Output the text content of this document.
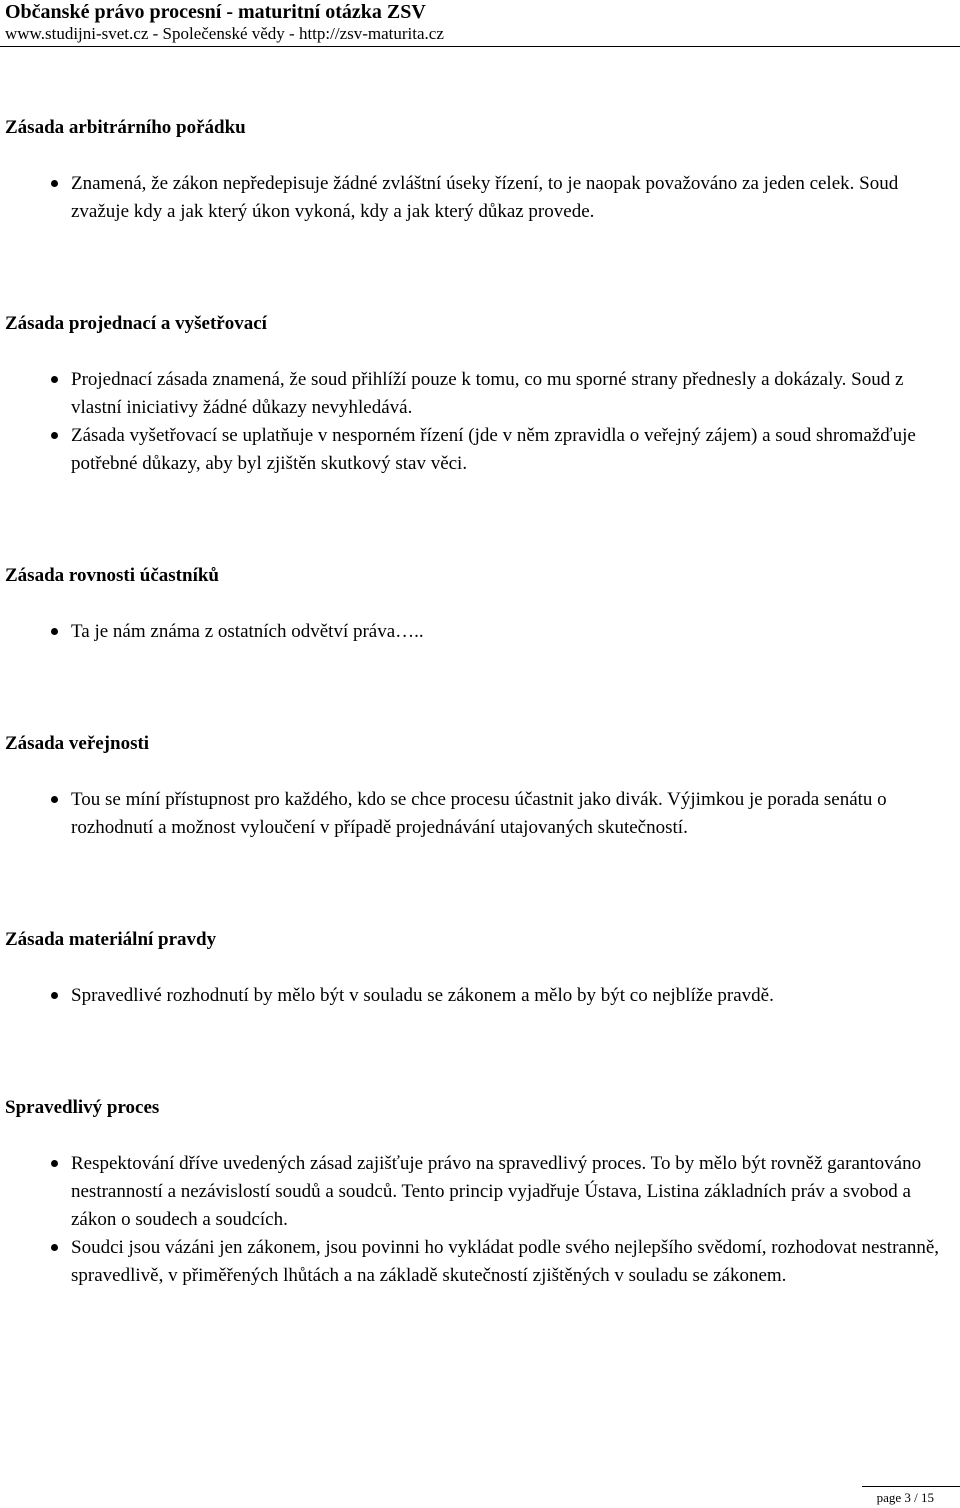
Občanské právo procesní - maturitní otázka ZSV

www.studijni-svet.cz - Společenské vědy - http://zsv-maturita.cz

Zásada arbitrárního pořádku

Znamená, že zákon nepředepisuje žádné zvláštní úseky řízení, to je naopak považováno za jeden celek. Soud zvažuje kdy a jak který úkon vykoná, kdy a jak který důkaz provede.

Zásada projednací a vyšetřovací

Projednací zásada znamená, že soud přihlíží pouze k tomu, co mu sporné strany přednesly a dokázaly. Soud z vlastní iniciativy žádné důkazy nevyhledává.
Zásada vyšetřovací se uplatňuje v nesporném řízení (jde v něm zpravidla o veřejný zájem) a soud shromažďuje potřebné důkazy, aby byl zjištěn skutkový stav věci.

Zásada rovnosti účastníků

Ta je nám známa z ostatních odvětví práva…..

Zásada veřejnosti

Tou se míní přístupnost pro každého, kdo se chce procesu účastnit jako divák. Výjimkou je porada senátu o rozhodnutí a možnost vyloučení v případě projednávání utajovaných skutečností.

Zásada materiální pravdy

Spravedlivé rozhodnutí by mělo být v souladu se zákonem a mělo by být co nejblíže pravdě.

Spravedlivý proces

Respektování dříve uvedených zásad zajišťuje právo na spravedlivý proces. To by mělo být rovněž garantováno nestranností a nezávislostí soudů a soudců. Tento princip vyjadřuje Ústava, Listina základních práv a svobod a zákon o soudech a soudcích.
Soudci jsou vázáni jen zákonem, jsou povinni ho vykládat podle svého nejlepšího svědomí, rozhodovat nestranně, spravedlivě, v přiměřených lhůtách a na základě skutečností zjištěných v souladu se zákonem.
page 3 / 15
